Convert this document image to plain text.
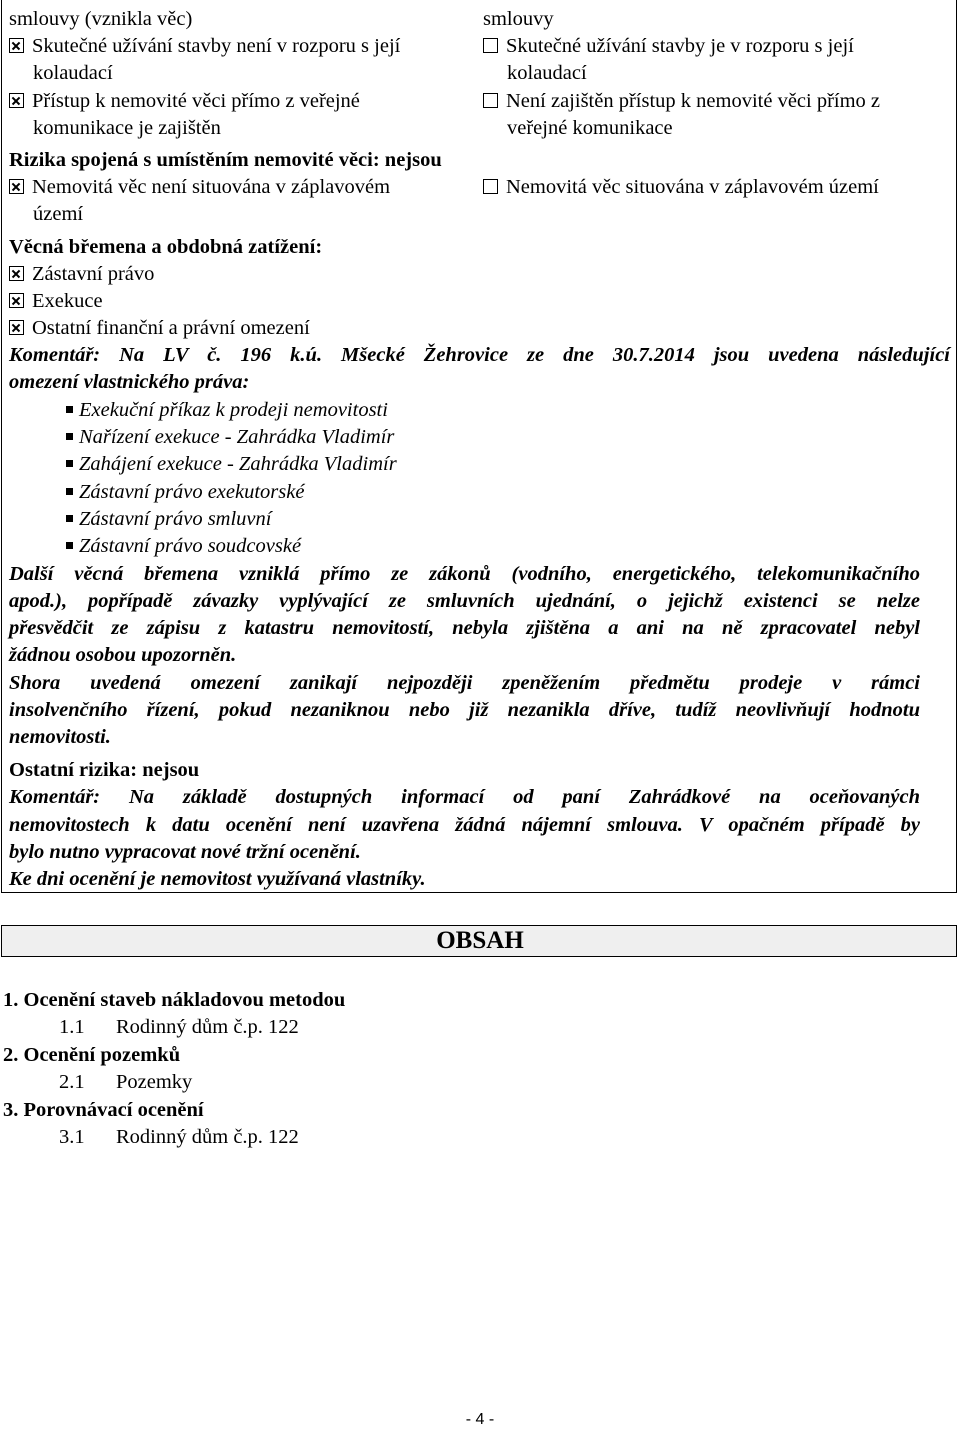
smlouvy (vznikla věc)	smlouvy
Skutečné užívání stavby není v rozporu s její
kolaudací
Skutečné užívání stavby je v rozporu s její
kolaudací
Přístup k nemovité věci přímo z veřejné
komunikace je zajištěn
Není zajištěn přístup k nemovité věci přímo z
veřejné komunikace
Rizika spojená s umístěním nemovité věci: nejsou
Nemovitá věc není situována v záplavovém
území
Nemovitá věc situována v záplavovém území
Věcná břemena a obdobná zatížení:
Zástavní právo
Exekuce
Ostatní finanční a právní omezení
Komentář: Na LV č. 196 k.ú. Mšecké Žehrovice ze dne 30.7.2014 jsou uvedena následující
omezení vlastnického práva:
Exekuční příkaz k prodeji nemovitosti
Nařízení exekuce - Zahrádka Vladimír
Zahájení exekuce - Zahrádka Vladimír
Zástavní právo exekutorské
Zástavní právo smluvní
Zástavní právo soudcovské
Další věcná břemena vzniklá přímo ze zákonů (vodního, energetického, telekomunikačního
apod.), popřípadě závazky vyplývající ze smluvních ujednání, o jejichž existenci se nelze
přesvědčit ze zápisu z katastru nemovitostí, nebyla zjištěna a ani na ně zpracovatel nebyl
žádnou osobou upozorněn.
Shora uvedená omezení zanikají nejpozději zpeněžením předmětu prodeje v rámci
insolvenčního řízení, pokud nezaniknou nebo již nezanikla dříve, tudíž neovlivňují hodnotu
nemovitosti.
Ostatní rizika: nejsou
Komentář: Na základě dostupných informací od paní Zahrádkové na oceňovaných
nemovitostech k datu ocenění není uzavřena žádná nájemní smlouva. V opačném případě by
bylo nutno vypracovat nové tržní ocenění.
Ke dni ocenění je nemovitost využívaná vlastníky.
OBSAH
1. Ocenění staveb nákladovou metodou
1.1 Rodinný dům č.p. 122
2. Ocenění pozemků
2.1 Pozemky
3. Porovnávací ocenění
3.1 Rodinný dům č.p. 122
- 4 -
